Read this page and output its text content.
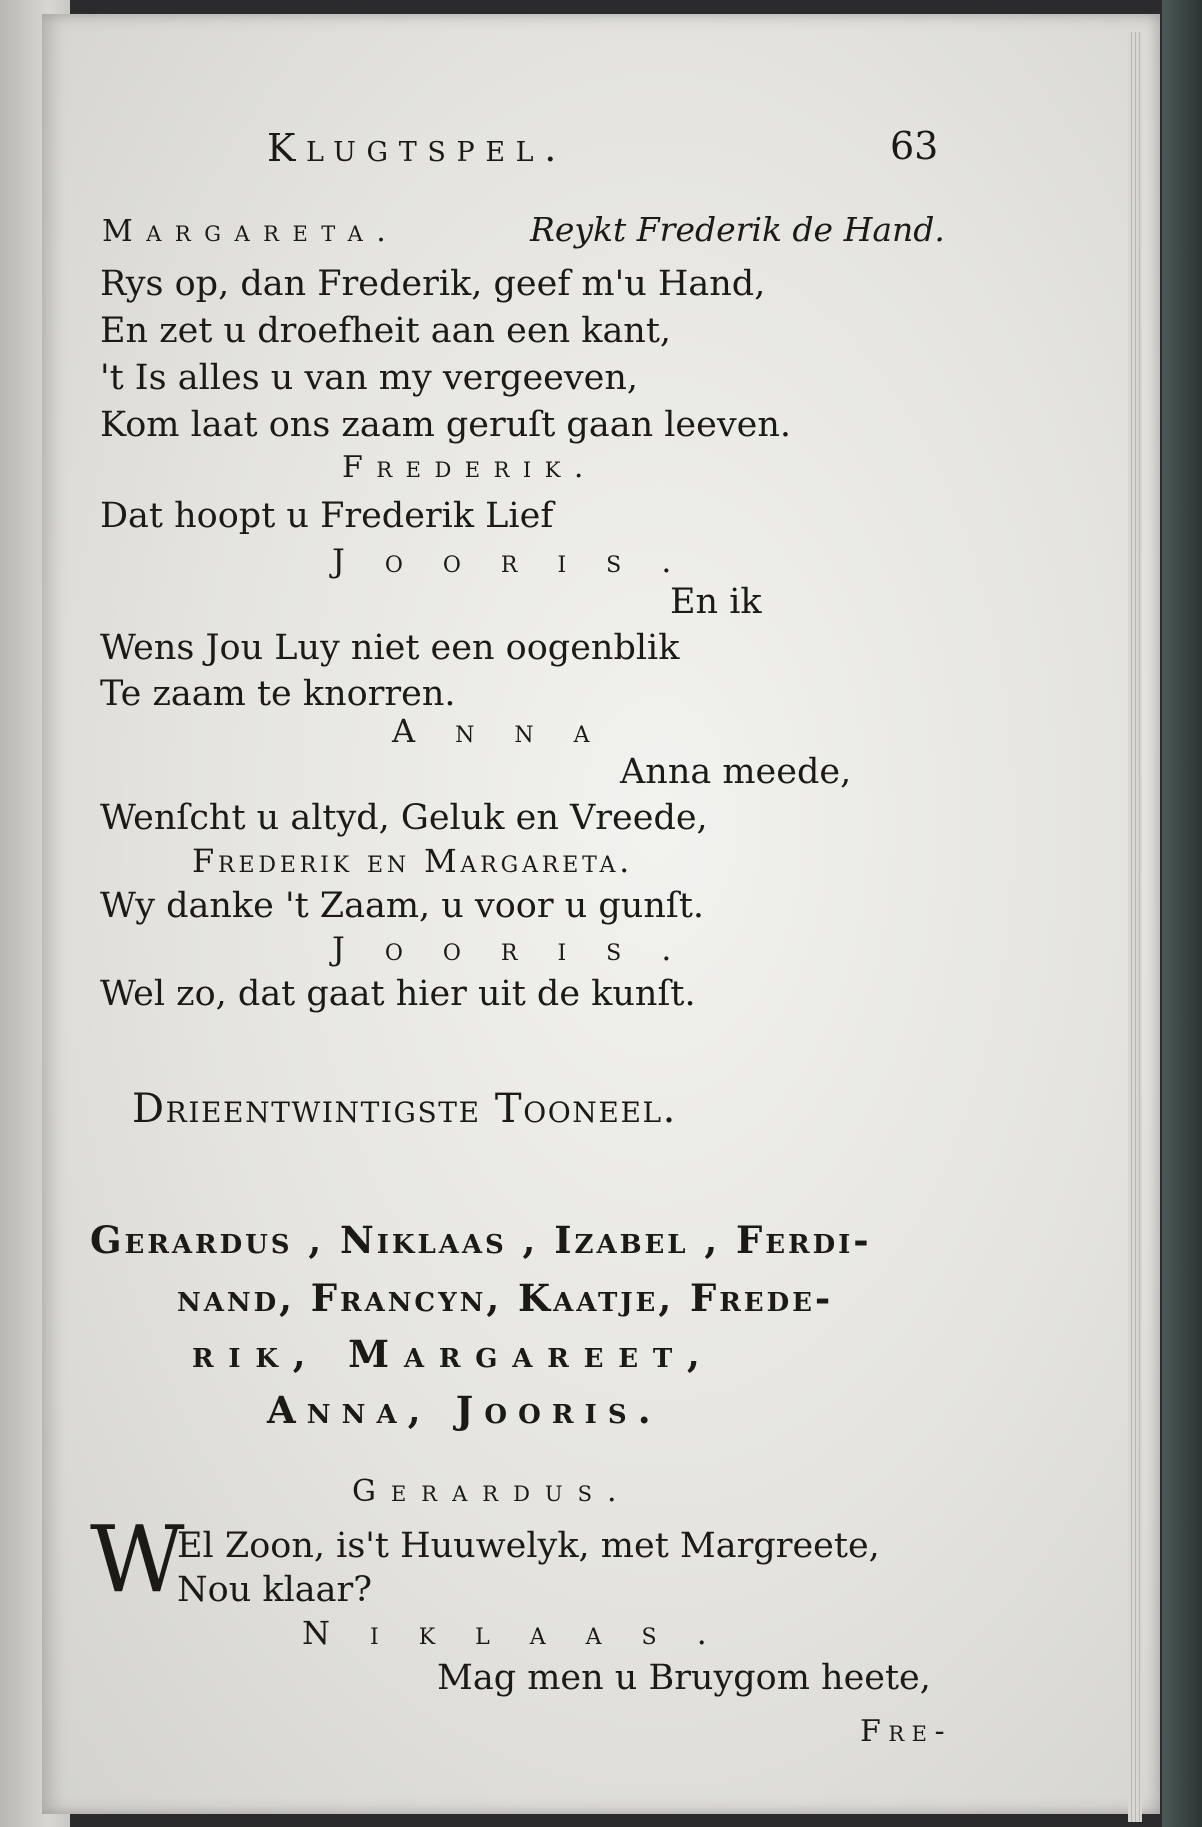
Klugtspel.	63
Margareta.	Reykt Frederik de Hand.
Rys op, dan Frederik, geef m'u Hand,
En zet u droefheit aan een kant,
't Is alles u van my vergeeven,
Kom laat ons zaam geruſt gaan leeven.
Frederik.
Dat hoopt u Frederik Lief
Jooris.
En ik
Wens Jou Luy niet een oogenblik
Te zaam te knorren.
Anna
Anna meede,
Wenſcht u altyd, Geluk en Vreede,
Frederik en Margareta.
Wy danke 't Zaam, u voor u gunſt.
Jooris.
Wel zo, dat gaat hier uit de kunſt.
Drieentwintigste Tooneel.
Gerardus , Niklaas , Izabel , Ferdi-
nand, Francyn, Kaatje, Frede-
rik, Margareet,
Anna, Jooris.
Gerardus.
W
El Zoon, is't Huuwelyk, met Margreete,
Nou klaar?
Niklaas.
Mag men u Bruygom heete,
Fre-
